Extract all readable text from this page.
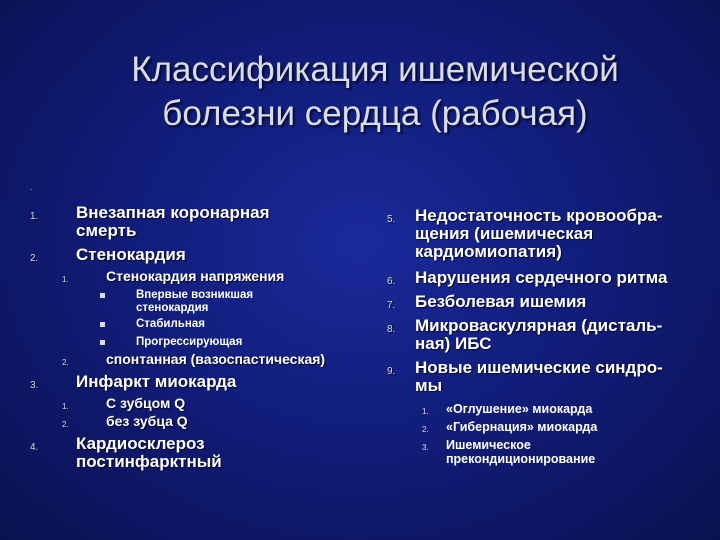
Классификация ишемической
болезни сердца (рабочая)
.
1. Внезапная коронарная
смерть
2. Стенокардия
1.	Стенокардия напряжения
Впервые возникшая
стенокардия
Стабильная
Прогрессирующая
2.	спонтанная (вазоспастическая)
3. Инфаркт миокарда
1.	С зубцом Q
2.	без зубца Q
4. Кардиосклероз
постинфарктный
5. Недостаточность кровообра-
щения (ишемическая
кардиомиопатия)
6. Нарушения сердечного ритма
7. Безболевая ишемия
8. Микроваскулярная (дисталь-
ная) ИБС
9. Новые ишемические синдро-
мы
1. «Оглушение» миокарда
2. «Гибернация» миокарда
3. Ишемическое
прекондиционирование
